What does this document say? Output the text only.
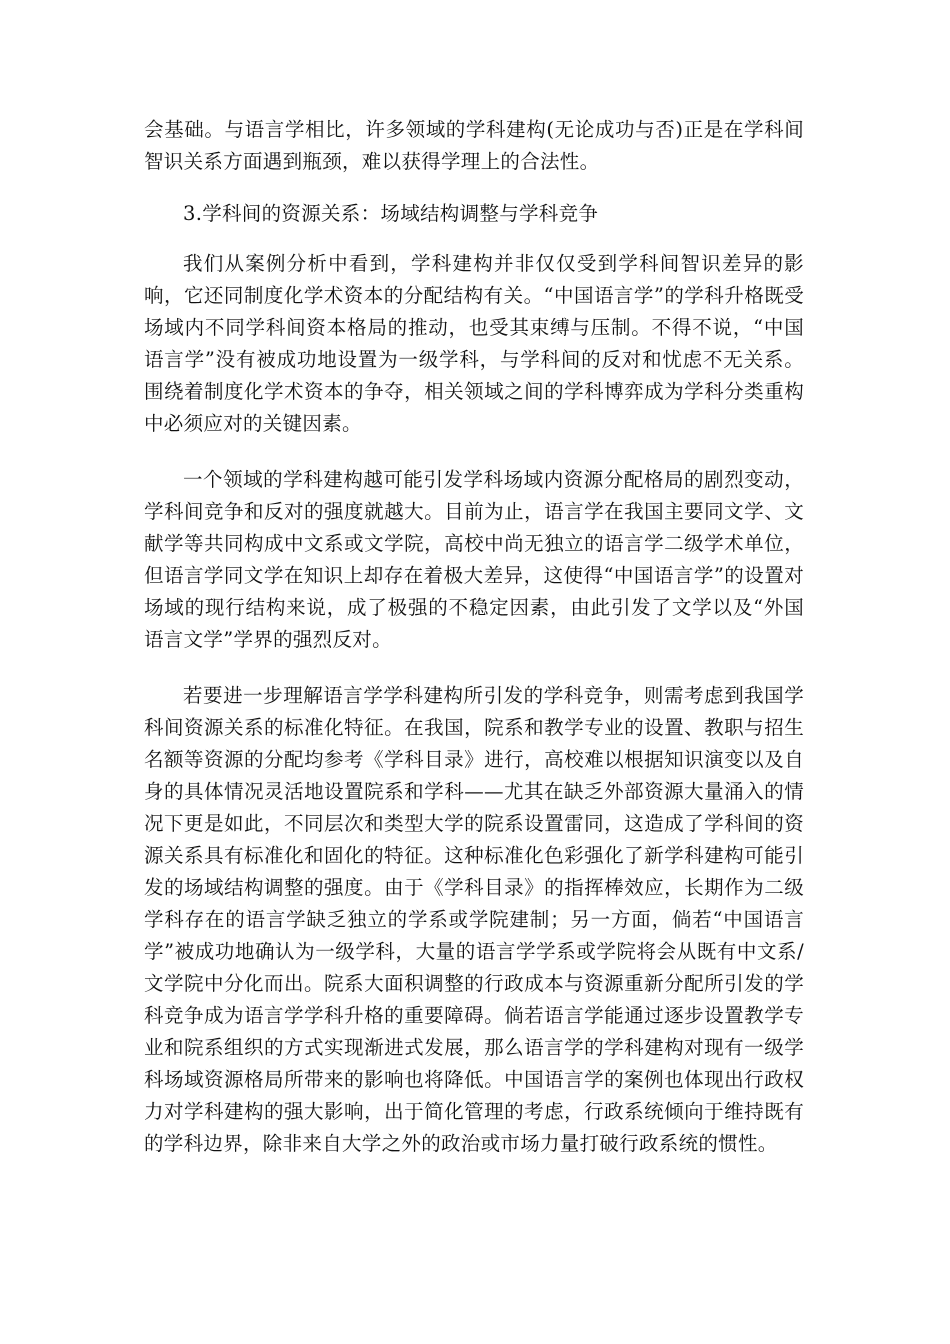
会基础。与语言学相比，许多领域的学科建构(无论成功与否)正是在学科间智识关系方面遇到瓶颈，难以获得学理上的合法性。

3.学科间的资源关系：场域结构调整与学科竞争

我们从案例分析中看到，学科建构并非仅仅受到学科间智识差异的影响，它还同制度化学术资本的分配结构有关。“中国语言学”的学科升格既受场域内不同学科间资本格局的推动，也受其束缚与压制。不得不说，“中国语言学”没有被成功地设置为一级学科，与学科间的反对和忧虑不无关系。围绕着制度化学术资本的争夺，相关领域之间的学科博弈成为学科分类重构中必须应对的关键因素。

一个领域的学科建构越可能引发学科场域内资源分配格局的剧烈变动，学科间竞争和反对的强度就越大。目前为止，语言学在我国主要同文学、文献学等共同构成中文系或文学院，高校中尚无独立的语言学二级学术单位，但语言学同文学在知识上却存在着极大差异，这使得“中国语言学”的设置对场域的现行结构来说，成了极强的不稳定因素，由此引发了文学以及“外国语言文学”学界的强烈反对。

若要进一步理解语言学学科建构所引发的学科竞争，则需考虑到我国学科间资源关系的标准化特征。在我国，院系和教学专业的设置、教职与招生名额等资源的分配均参考《学科目录》进行，高校难以根据知识演变以及自身的具体情况灵活地设置院系和学科——尤其在缺乏外部资源大量涌入的情况下更是如此，不同层次和类型大学的院系设置雷同，这造成了学科间的资源关系具有标准化和固化的特征。这种标准化色彩强化了新学科建构可能引发的场域结构调整的强度。由于《学科目录》的指挥棒效应，长期作为二级学科存在的语言学缺乏独立的学系或学院建制；另一方面，倘若“中国语言学”被成功地确认为一级学科，大量的语言学学系或学院将会从既有中文系/文学院中分化而出。院系大面积调整的行政成本与资源重新分配所引发的学科竞争成为语言学学科升格的重要障碍。倘若语言学能通过逐步设置教学专业和院系组织的方式实现渐进式发展，那么语言学的学科建构对现有一级学科场域资源格局所带来的影响也将降低。中国语言学的案例也体现出行政权力对学科建构的强大影响，出于简化管理的考虑，行政系统倾向于维持既有的学科边界，除非来自大学之外的政治或市场力量打破行政系统的惯性。
